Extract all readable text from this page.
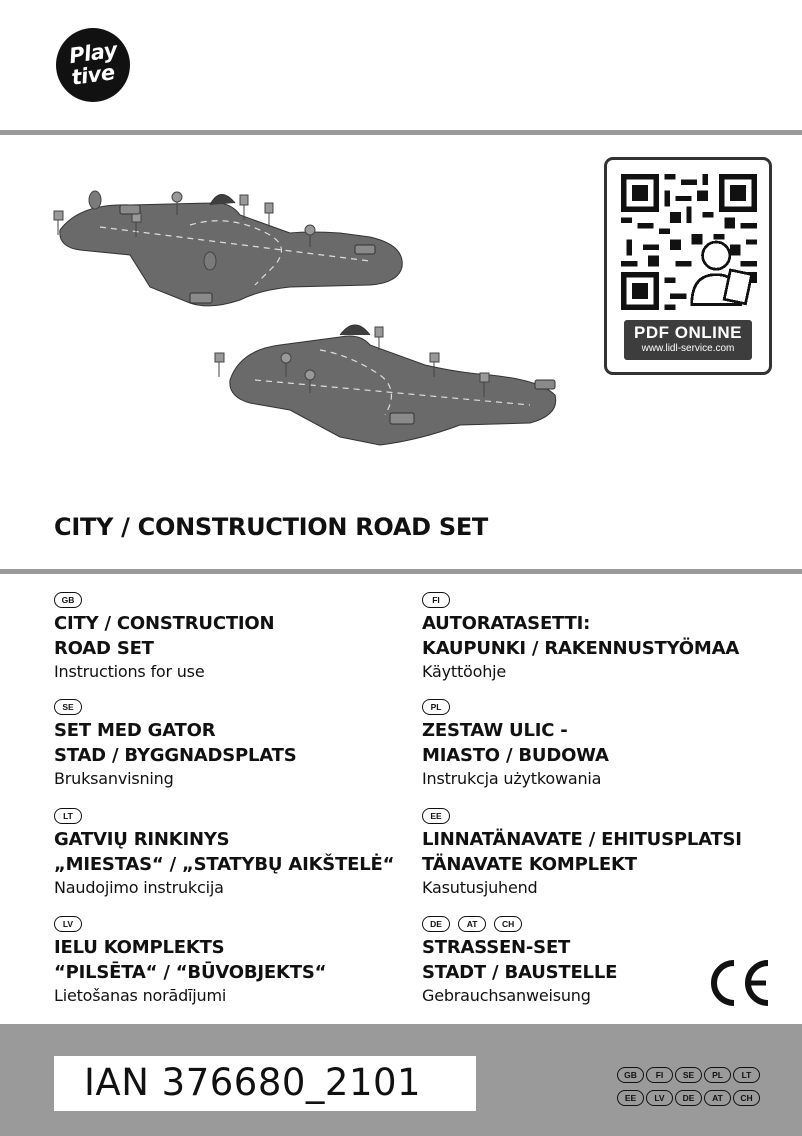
Play
tive
PDF ONLINE
www.lidl-service.com
CITY / CONSTRUCTION ROAD SET
GB
CITY / CONSTRUCTION
ROAD SET
Instructions for use
SE
SET MED GATOR
STAD / BYGGNADSPLATS
Bruksanvisning
LT
GATVIŲ RINKINYS
„MIESTAS“ / „STATYBŲ AIKŠTELĖ“
Naudojimo instrukcija
LV
IELU KOMPLEKTS
“PILSĒTA“ / “BŪVOBJEKTS“
Lietošanas norādījumi
FI
AUTORATASETTI:
KAUPUNKI / RAKENNUSTYÖMAA
Käyttöohje
PL
ZESTAW ULIC -
MIASTO / BUDOWA
Instrukcja użytkowania
EE
LINNATÄNAVATE / EHITUSPLATSI
TÄNAVATE KOMPLEKT
Kasutusjuhend
DE	AT	CH
STRASSEN-SET
STADT / BAUSTELLE
Gebrauchsanweisung
IAN 376680_2101	GB FI SE PL LT
EE LV DE AT CH
